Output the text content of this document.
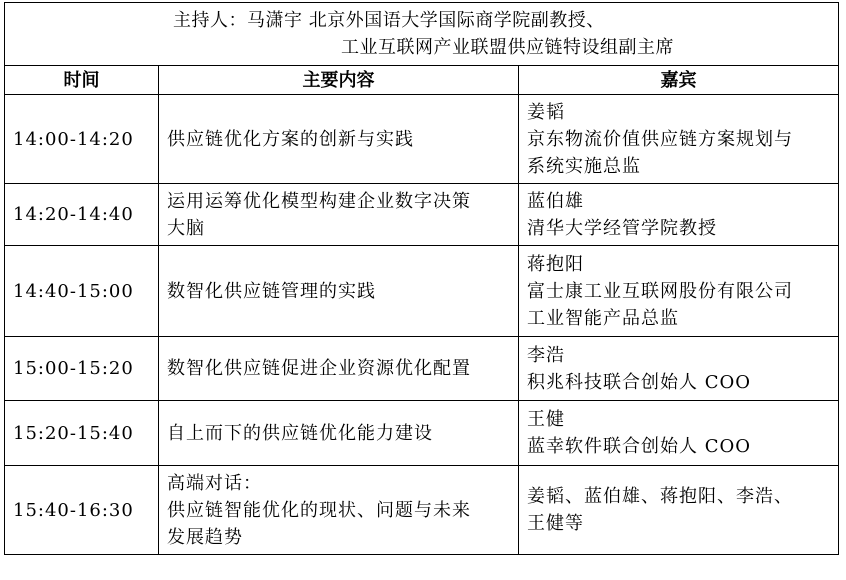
主持人：马潇宇 北京外国语大学国际商学院副教授、
工业互联网产业联盟供应链特设组副主席		

时间	主要内容	嘉宾
14:00-14:20	供应链优化方案的创新与实践	姜韬
京东物流价值供应链方案规划与
系统实施总监

14:20-14:40	运用运筹优化模型构建企业数字决策
大脑	蓝伯雄
清华大学经管学院教授

14:40-15:00	数智化供应链管理的实践	蒋抱阳
富士康工业互联网股份有限公司
工业智能产品总监

15:00-15:20	数智化供应链促进企业资源优化配置	李浩
积兆科技联合创始人 COO

15:20-15:40	自上而下的供应链优化能力建设	王健
蓝幸软件联合创始人 COO

15:40-16:30	高端对话：
供应链智能优化的现状、问题与未来
发展趋势	姜韬、蓝伯雄、蒋抱阳、李浩、
王健等
